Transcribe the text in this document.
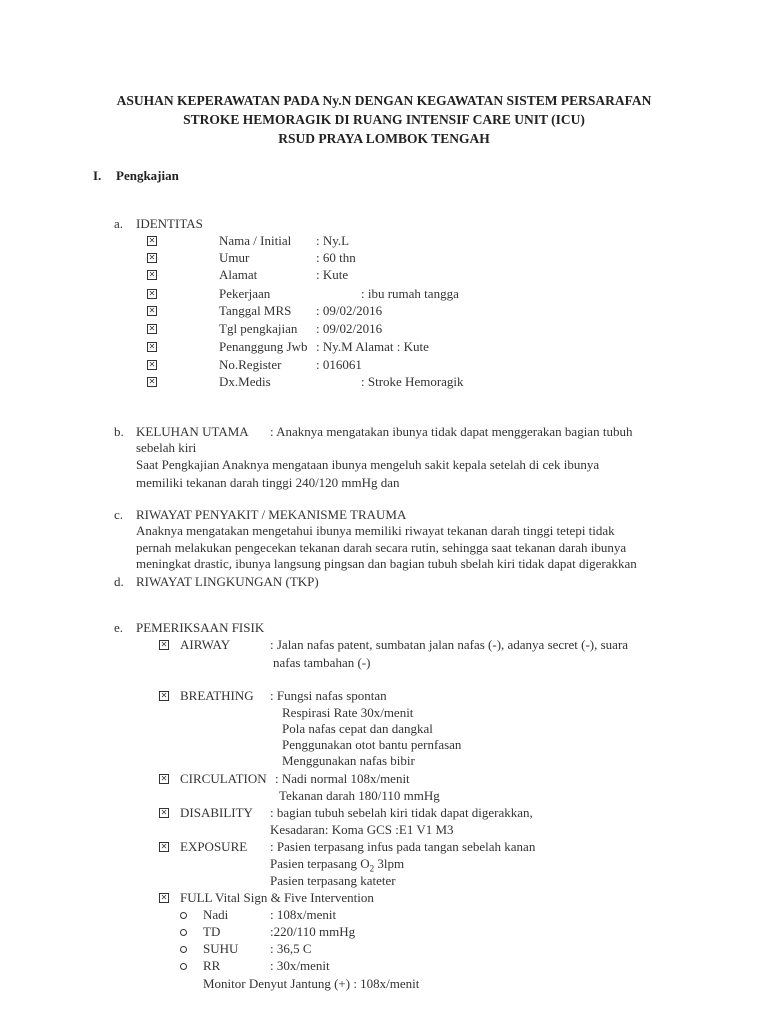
ASUHAN KEPERAWATAN PADA Ny.N DENGAN KEGAWATAN SISTEM PERSARAFAN
STROKE HEMORAGIK DI RUANG INTENSIF CARE UNIT (ICU)
RSUD PRAYA LOMBOK TENGAH
I. Pengkajian
a. IDENTITAS
✕	Nama / Initial : Ny.L
✕	Umur	: 60 thn
✕	Alamat	: Kute
✕	Pekerjaan	: ibu rumah tangga
✕	Tanggal MRS : 09/02/2016
✕	Tgl pengkajian : 09/02/2016
✕	Penanggung Jwb : Ny.M Alamat : Kute
✕	No.Register	: 016061
✕	Dx.Medis	: Stroke Hemoragik
b. KELUHAN UTAMA : Anaknya mengatakan ibunya tidak dapat menggerakan bagian tubuh
sebelah kiri
Saat Pengkajian Anaknya mengataan ibunya mengeluh sakit kepala setelah di cek ibunya
memiliki tekanan darah tinggi 240/120 mmHg dan
c. RIWAYAT PENYAKIT / MEKANISME TRAUMA
Anaknya mengatakan mengetahui ibunya memiliki riwayat tekanan darah tinggi tetepi tidak
pernah melakukan pengecekan tekanan darah secara rutin, sehingga saat tekanan darah ibunya
meningkat drastic, ibunya langsung pingsan dan bagian tubuh sbelah kiri tidak dapat digerakkan
d. RIWAYAT LINGKUNGAN (TKP)
e. PEMERIKSAAN FISIK
✕ AIRWAY	: Jalan nafas patent, sumbatan jalan nafas (-), adanya secret (-), suara
nafas tambahan (-)
✕ BREATHING : Fungsi nafas spontan
Respirasi Rate 30x/menit
Pola nafas cepat dan dangkal
Penggunakan otot bantu pernfasan
Menggunakan nafas bibir
✕ CIRCULATION : Nadi normal 108x/menit
Tekanan darah 180/110 mmHg
✕ DISABILITY : bagian tubuh sebelah kiri tidak dapat digerakkan,
Kesadaran: Koma GCS :E1 V1 M3
✕ EXPOSURE : Pasien terpasang infus pada tangan sebelah kanan
Pasien terpasang $O_2$ 3lpm
Pasien terpasang kateter
✕ FULL Vital Sign & Five Intervention
Nadi	: 108x/menit
TD	:220/110 mmHg
SUHU : 36,5 C
RR	: 30x/menit
Monitor Denyut Jantung (+) : 108x/menit
